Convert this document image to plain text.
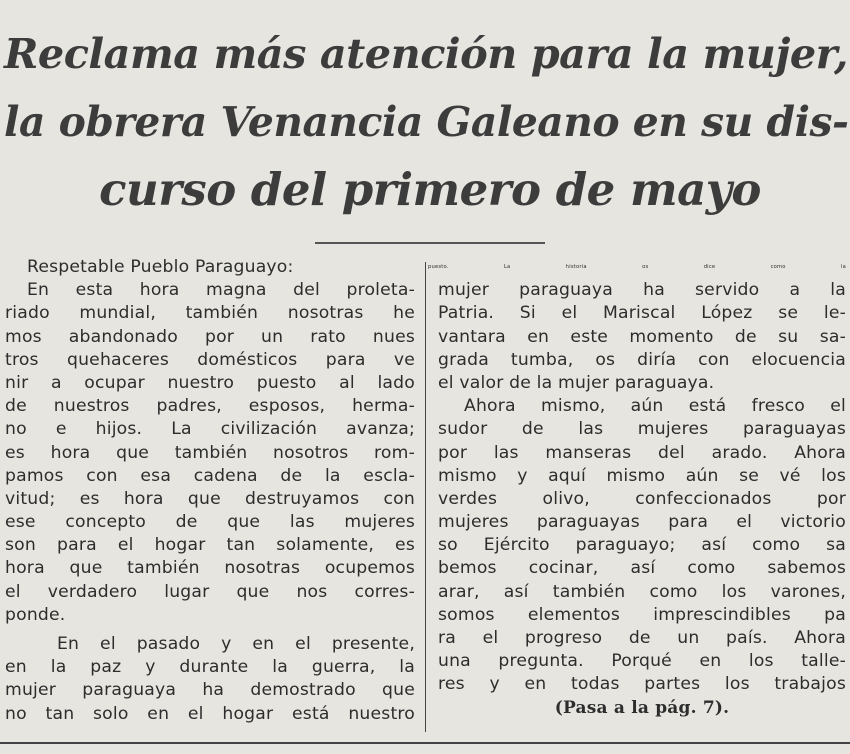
Reclama más atención para la mujer,
la obrera Venancia Galeano en su dis-
curso del primero de mayo
Respetable Pueblo Paraguayo:
En esta hora magna del proleta-
riado mundial, también nosotras he
mos abandonado por un rato nues
tros quehaceres domésticos para ve
nir a ocupar nuestro puesto al lado
de nuestros padres, esposos, herma-
no e hijos. La civilización avanza;
es hora que también nosotros rom-
pamos con esa cadena de la escla-
vitud; es hora que destruyamos con
ese concepto de que las mujeres
son para el hogar tan solamente, es
hora que también nosotras ocupemos
el verdadero lugar que nos corres-
ponde.
En el pasado y en el presente,
en la paz y durante la guerra, la
mujer paraguaya ha demostrado que
no tan solo en el hogar está nuestro
puesto. La historia os dice como la
mujer paraguaya ha servido a la
Patria. Si el Mariscal López se le-
vantara en este momento de su sa-
grada tumba, os diría con elocuencia
el valor de la mujer paraguaya.
Ahora mismo, aún está fresco el
sudor de las mujeres paraguayas
por las manseras del arado. Ahora
mismo y aquí mismo aún se vé los
verdes olivo, confeccionados por
mujeres paraguayas para el victorio
so Ejército paraguayo; así como sa
bemos cocinar, así como sabemos
arar, así también como los varones,
somos elementos imprescindibles pa
ra el progreso de un país. Ahora
una pregunta. Porqué en los talle-
res y en todas partes los trabajos
(Pasa a la pág. 7).
